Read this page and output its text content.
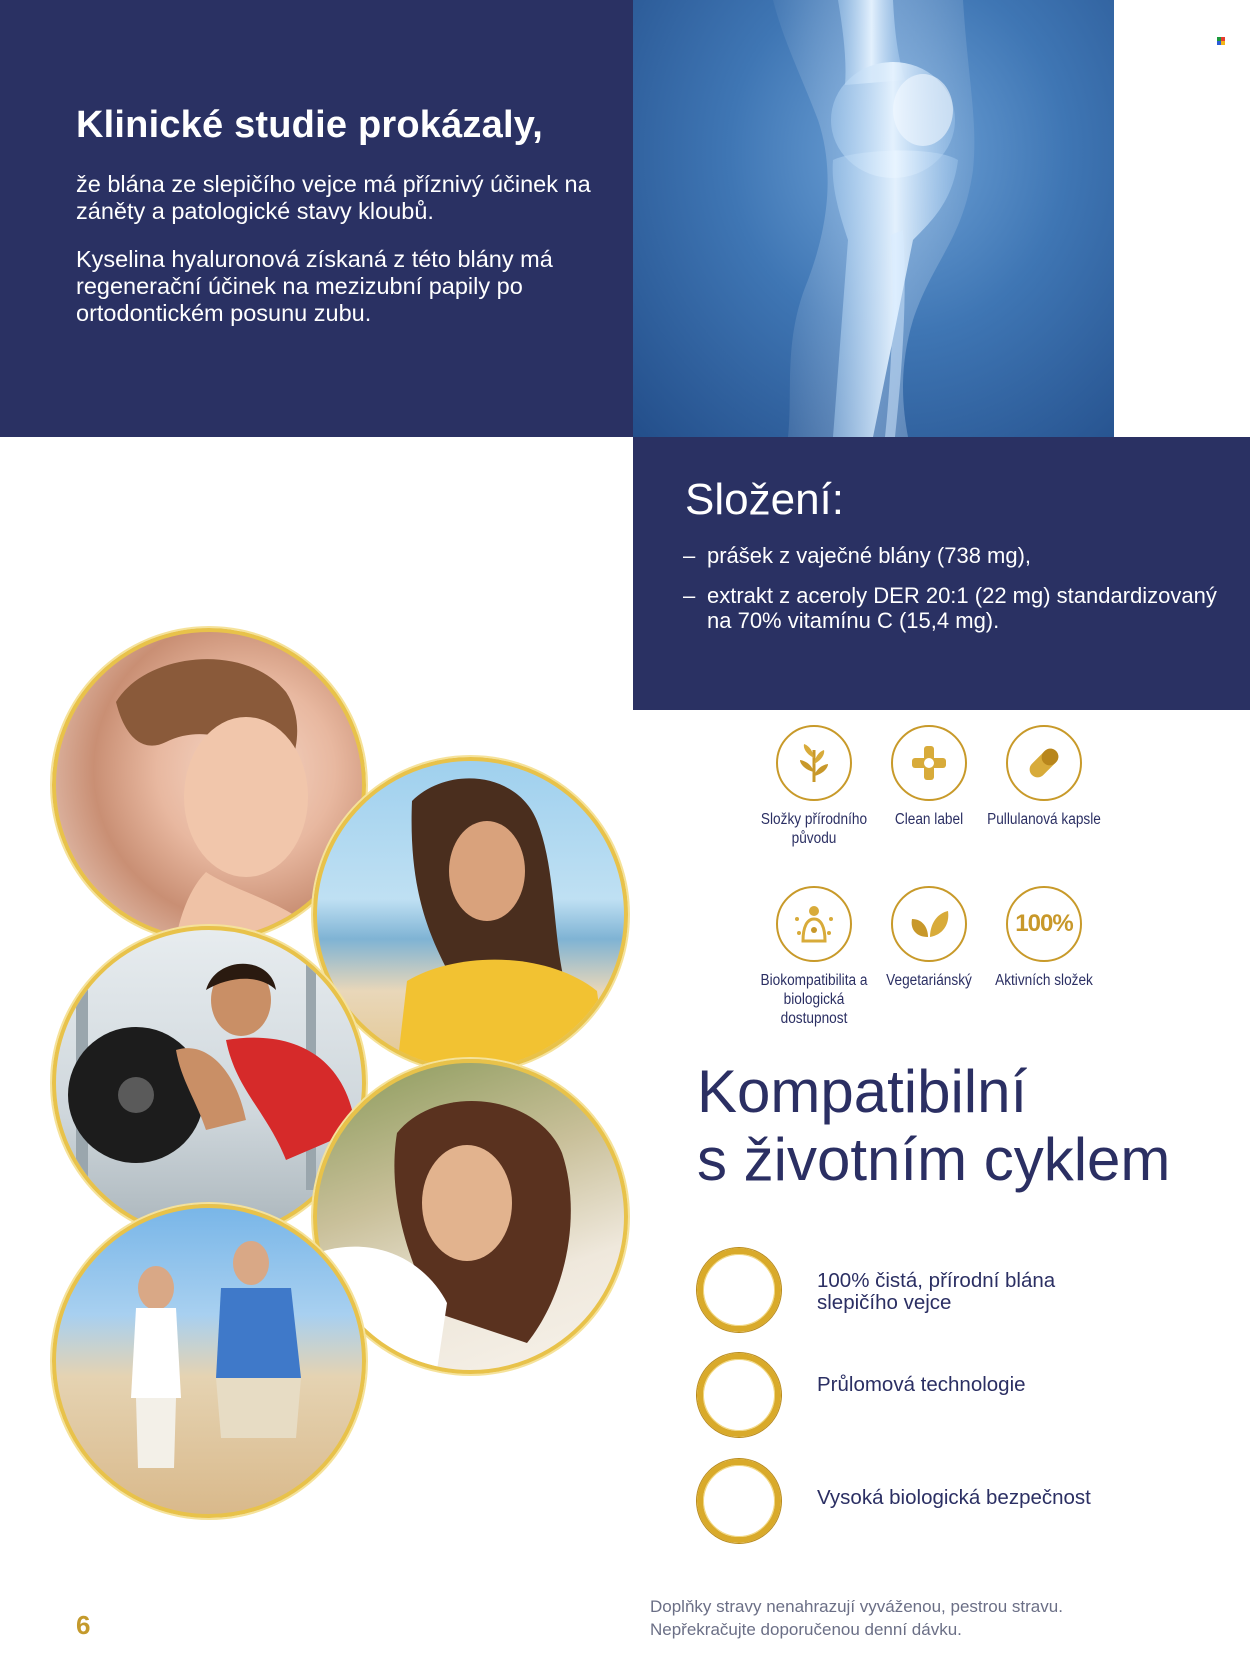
Klinické studie prokázaly,

že blána ze slepičího vejce má příznivý účinek na záněty a patologické stavy kloubů.

Kyselina hyaluronová získaná z této blány má regenerační účinek na mezizubní papily po ortodontickém posunu zubu.

Složení:
– prášek z vaječné blány (738 mg),
– extrakt z aceroly DER 20:1 (22 mg) standardizovaný na 70% vitamínu C (15,4 mg).
Složky přírodního původu
Clean label	Pullulanová kapsle
Biokompatibilita a biologická dostupnost
Vegetariánský
100%
Aktivních složek
Kompatibilní
s životním cyklem
100% čistá, přírodní blána slepičího vejce
Průlomová technologie
Vysoká biologická bezpečnost
6
Doplňky stravy nenahrazují vyváženou, pestrou stravu.
Nepřekračujte doporučenou denní dávku.
